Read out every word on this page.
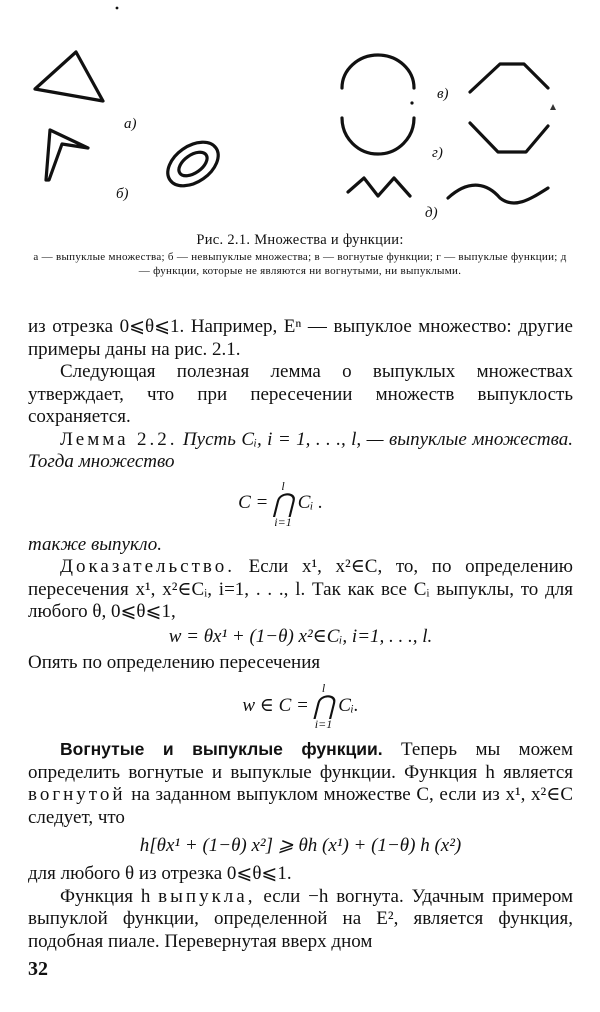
а)
б)
в)
г)
д)
Рис. 2.1. Множества и функции:
а — выпуклые множества; б — невыпуклые множества; в — вогнутые функции; г — выпуклые функции; д — функции, которые не являются ни вогнутыми, ни выпуклыми.

из отрезка 0⩽θ⩽1. Например, Eⁿ — выпуклое множество: другие примеры даны на рис. 2.1.

Следующая полезная лемма о выпуклых множествах утверждает, что при пересечении множеств выпуклость сохраняется.

Лемма 2.2. Пусть Cᵢ, i = 1, . . ., l, — выпуклые множества. Тогда множество

C =
l
⋂
i=1
Cᵢ .

также выпукло.

Доказательство. Если x¹, x²∈C, то, по определению пересечения x¹, x²∈Cᵢ, i=1, . . ., l. Так как все Cᵢ выпуклы, то для любого θ, 0⩽θ⩽1,

w = θx¹ + (1−θ) x²∈Cᵢ, i=1, . . ., l.

Опять по определению пересечения

w ∈ C =
l
⋂
i=1
Cᵢ.

Вогнутые и выпуклые функции. Теперь мы можем определить вогнутые и выпуклые функции. Функция h является вогнутой на заданном выпуклом множестве C, если из x¹, x²∈C следует, что

h[θx¹ + (1−θ) x²] ⩾ θh (x¹) + (1−θ) h (x²)

для любого θ из отрезка 0⩽θ⩽1.

Функция h выпукла, если −h вогнута. Удачным примером выпуклой функции, определенной на E², является функция, подобная пиале. Перевернутая вверх дном

32
